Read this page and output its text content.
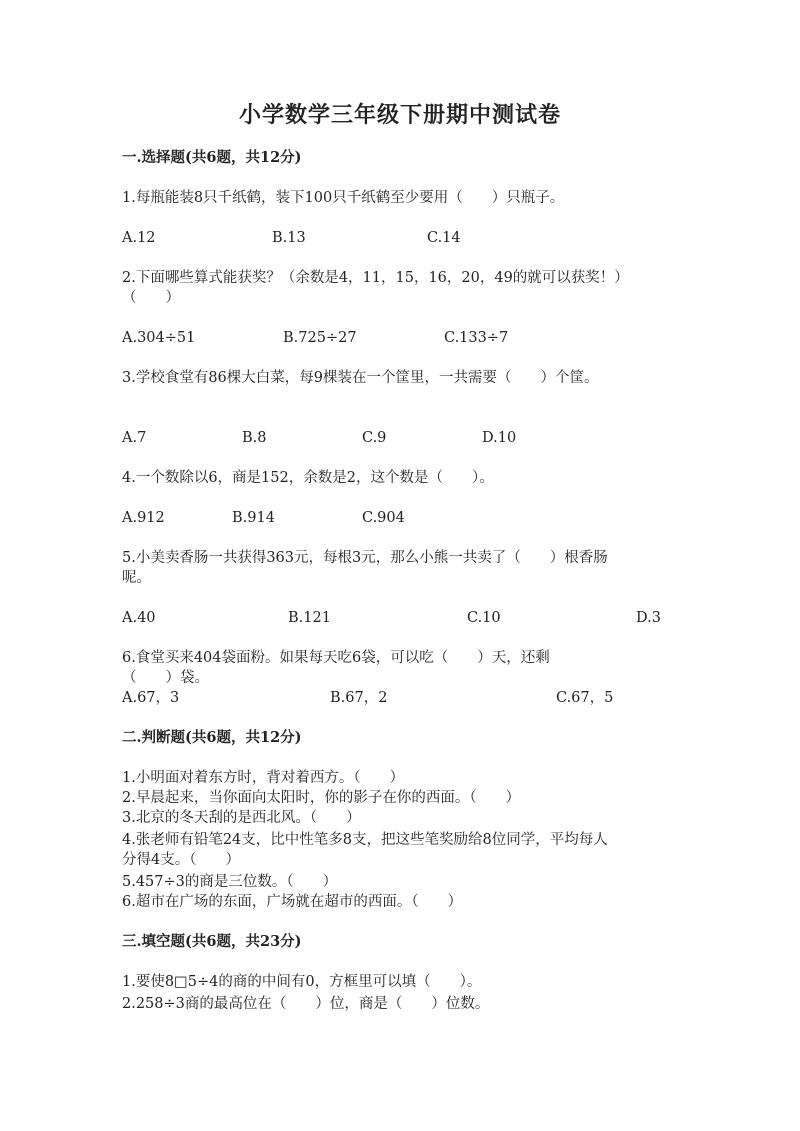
小学数学三年级下册期中测试卷
一.选择题(共6题，共12分)
1.每瓶能装8只千纸鹤，装下100只千纸鹤至少要用（　　）只瓶子。
A.12	B.13	C.14
2.下面哪些算式能获奖？（余数是4，11，15，16，20，49的就可以获奖！）
（　　）
A.304÷51	B.725÷27	C.133÷7
3.学校食堂有86棵大白菜，每9棵装在一个筐里，一共需要（　　）个筐。
A.7	B.8	C.9	D.10
4.一个数除以6，商是152，余数是2，这个数是（　　）。
A.912	B.914	C.904
5.小美卖香肠一共获得363元，每根3元，那么小熊一共卖了（　　）根香肠
呢。
A.40	B.121	C.10	D.3
6.食堂买来404袋面粉。如果每天吃6袋，可以吃（　　）天，还剩
（　　）袋。
A.67，3	B.67，2	C.67，5
二.判断题(共6题，共12分)
1.小明面对着东方时，背对着西方。（　　）
2.早晨起来，当你面向太阳时，你的影子在你的西面。（　　）
3.北京的冬天刮的是西北风。（　　）
4.张老师有铅笔24支，比中性笔多8支，把这些笔奖励给8位同学，平均每人
分得4支。（　　）
5.457÷3的商是三位数。（　　）
6.超市在广场的东面，广场就在超市的西面。（　　）
三.填空题(共6题，共23分)
1.要使8□5÷4的商的中间有0，方框里可以填（　　）。
2.258÷3商的最高位在（　　）位，商是（　　）位数。
